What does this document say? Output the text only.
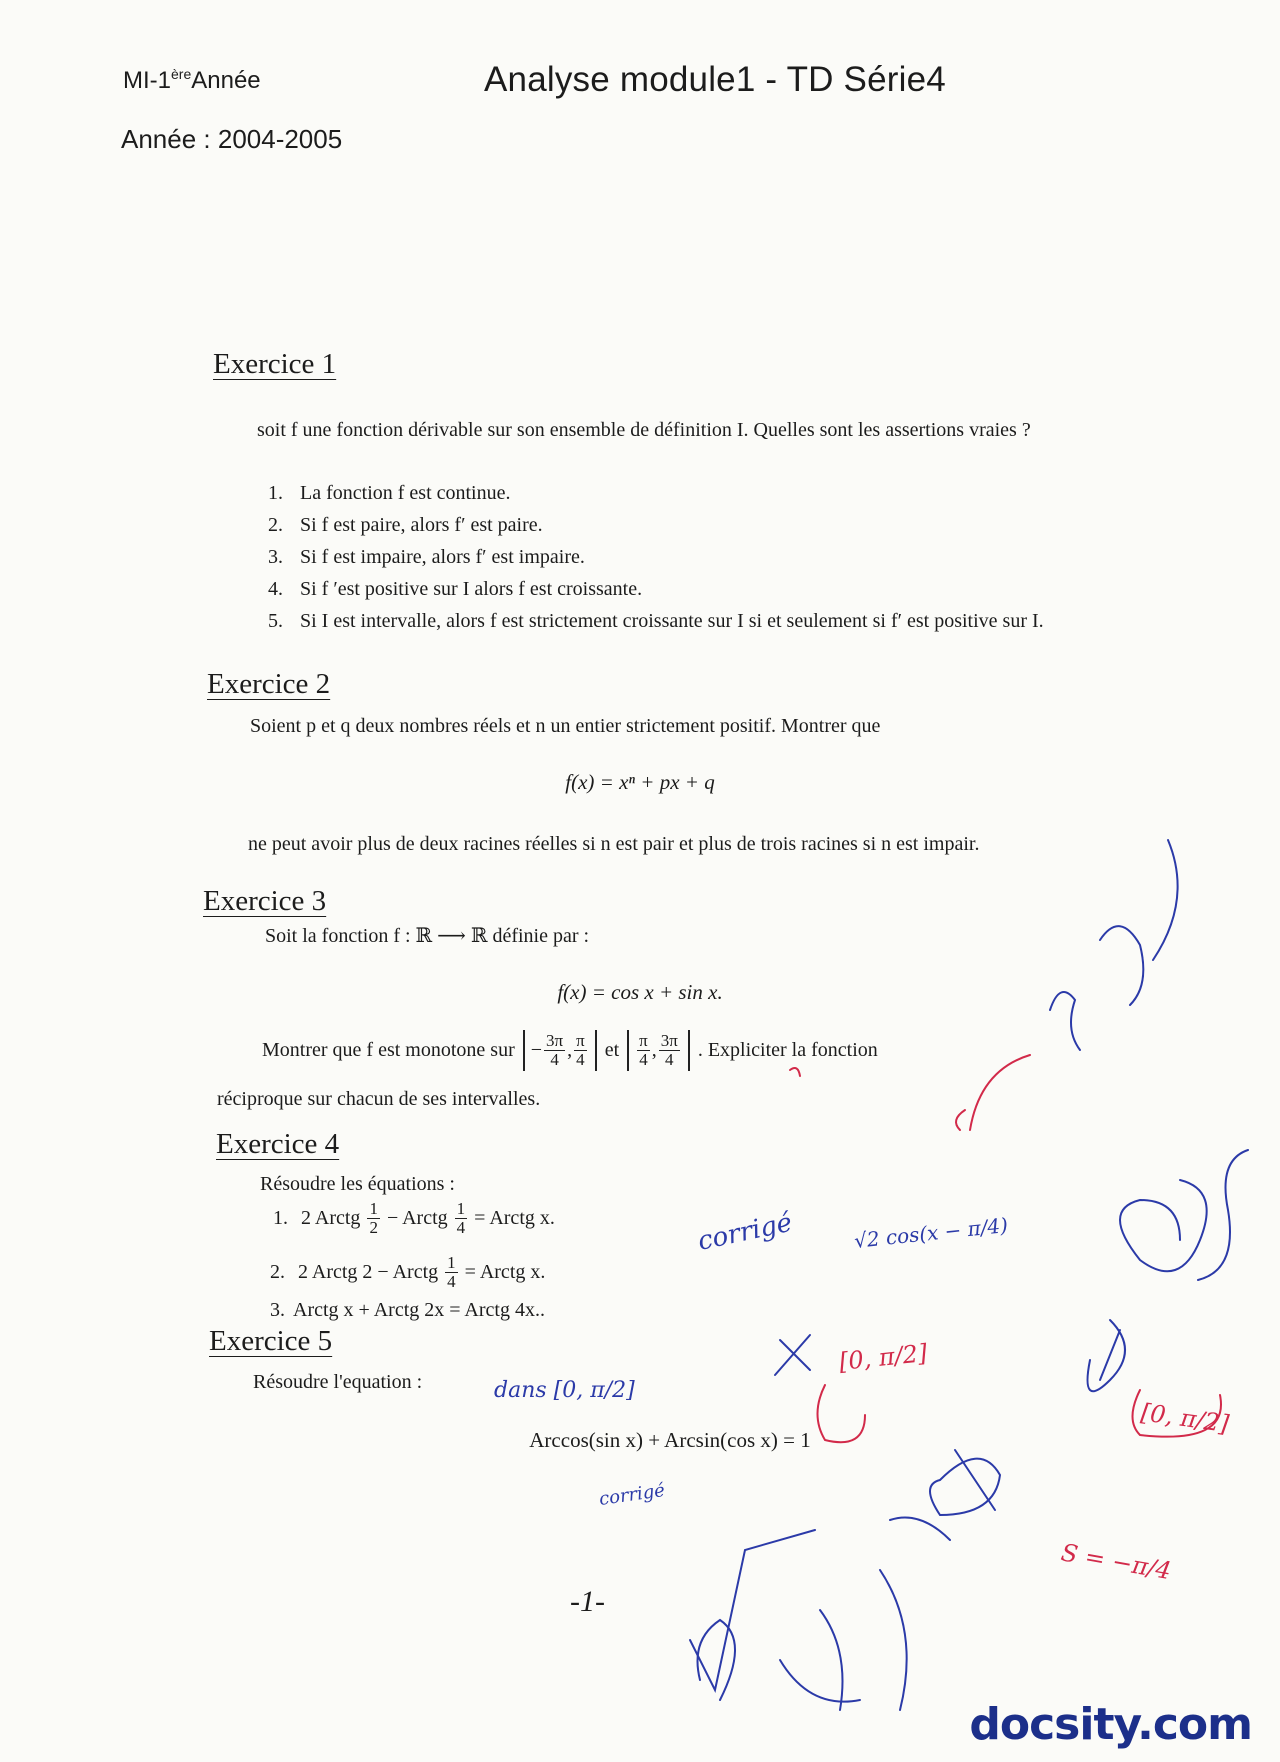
MI-1èreAnnée	Analyse module1 - TD Série4
Année : 2004-2005
Exercice 1
soit f une fonction dérivable sur son ensemble de définition I. Quelles sont les assertions vraies ?
1. La fonction f est continue.
2. Si f est paire, alors f′ est paire.
3. Si f est impaire, alors f′ est impaire.
4. Si f ′est positive sur I alors f est croissante.
5. Si I est intervalle, alors f est strictement croissante sur I si et seulement si f′ est positive sur I.
Exercice 2
Soient p et q deux nombres réels et n un entier strictement positif. Montrer que
f(x) = xⁿ + px + q
ne peut avoir plus de deux racines réelles si n est pair et plus de trois racines si n est impair.
Exercice 3
Soit la fonction f : ℝ ⟶ ℝ définie par :
f(x) = cos x + sin x.
Montrer que f est monotone sur − $\frac{3\pi}{4}$ , $\frac{\pi}{4}$ et $\frac{\pi}{4}$ , $\frac{3\pi}{4}$ . Expliciter la fonction
réciproque sur chacun de ses intervalles.
Exercice 4
Résoudre les équations :
1. 2 Arctg $\frac{1}{2}$ − Arctg $\frac{1}{4}$ = Arctg x.
2. 2 Arctg 2 − Arctg $\frac{1}{4}$ = Arctg x.
3. Arctg x + Arctg 2x = Arctg 4x..
Exercice 5
Résoudre l'equation :
Arccos(sin x) + Arcsin(cos x) = 1
-1-
docsity.com
corrigé
corrigé
dans [0, π/2]
√2 cos(x − π/4)
[0, π/2]
[0, π/2]
S = −π/4
